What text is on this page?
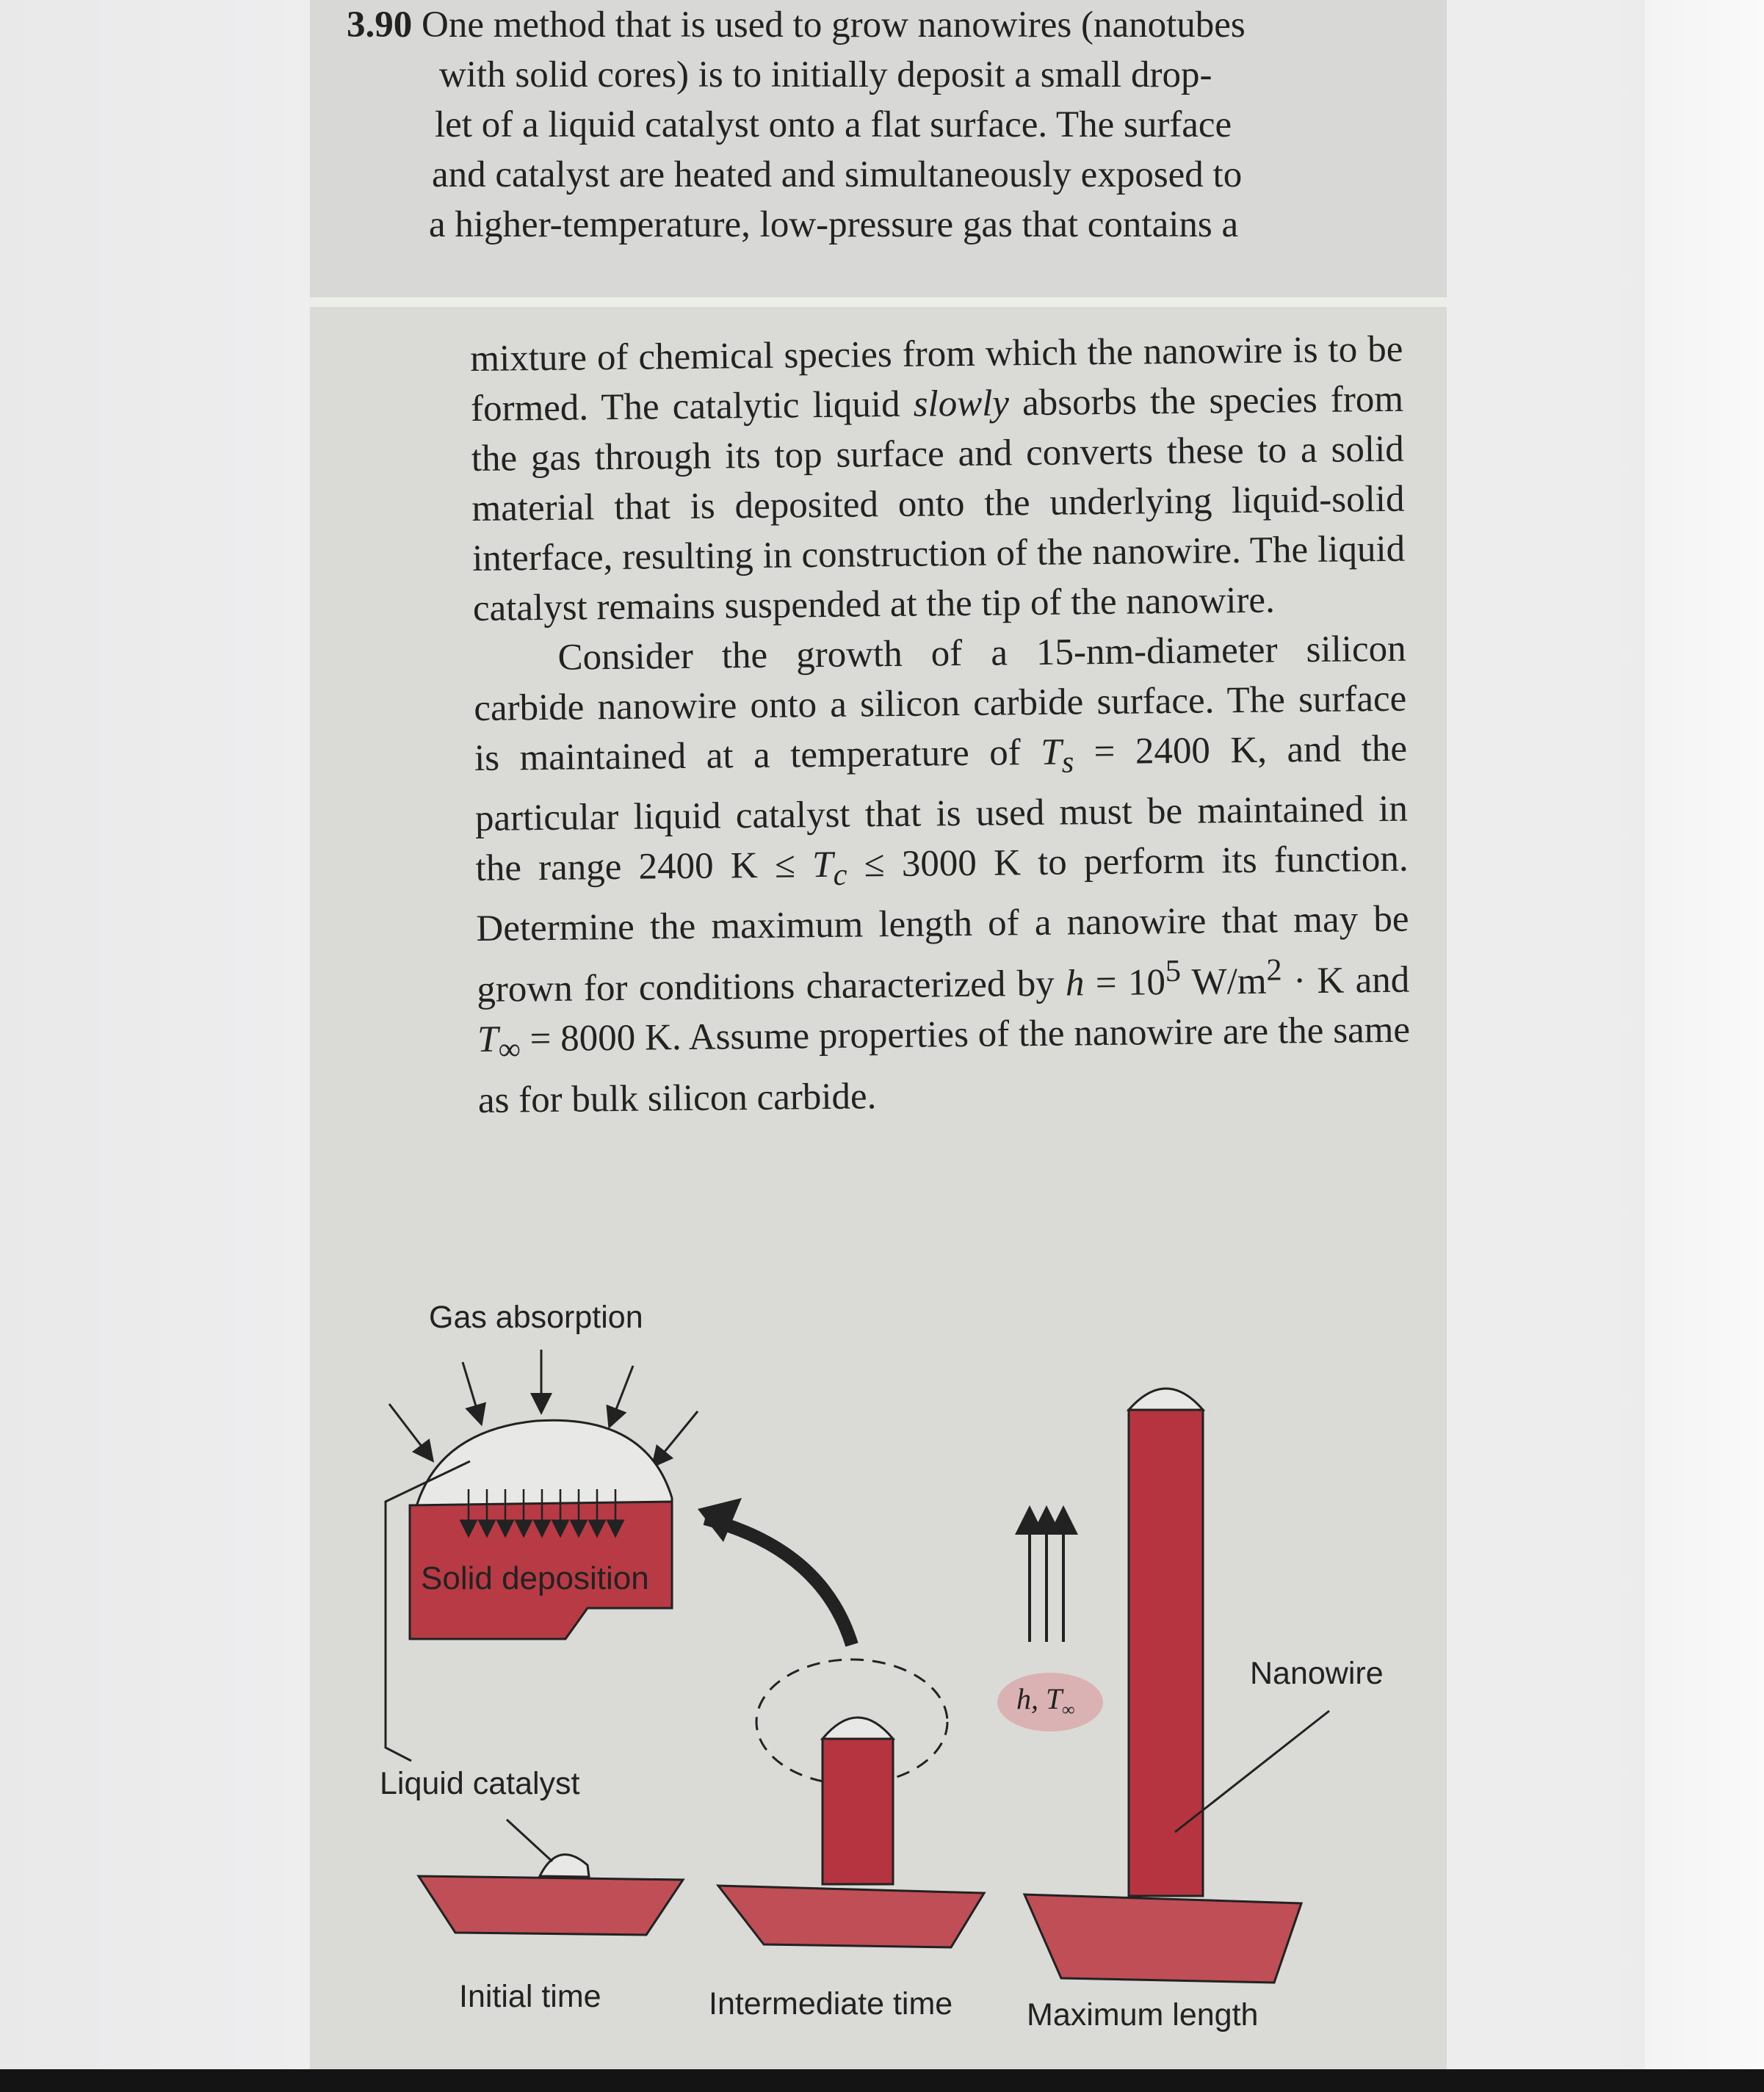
3.90 One method that is used to grow nanowires (nanotubes
with solid cores) is to initially deposit a small drop-
let of a liquid catalyst onto a flat surface. The surface
and catalyst are heated and simultaneously exposed to
a higher-temperature, low-pressure gas that contains a

mixture of chemical species from which the nanowire is to be formed. The catalytic liquid slowly absorbs the species from the gas through its top surface and converts these to a solid material that is deposited onto the underlying liquid-solid interface, resulting in construction of the nanowire. The liquid catalyst remains suspended at the tip of the nanowire.

Consider the growth of a 15-nm-diameter silicon carbide nanowire onto a silicon carbide surface. The surface is maintained at a temperature of $T_s = 2400$ K, and the particular liquid catalyst that is used must be maintained in the range 2400 $K \le T_c \le 3000$ K to perform its function. Determine the maximum length of a nanowire that may be grown for conditions characterized by $h = 10^5$ $W/m^2 \cdot K$ and $T_\infty = 8000$ K. Assume properties of the nanowire are the same as for bulk silicon carbide.

Gas absorption
Solid deposition
Liquid catalyst
h, $T_\infty$
Nanowire
Initial time	Intermediate time Maximum length
